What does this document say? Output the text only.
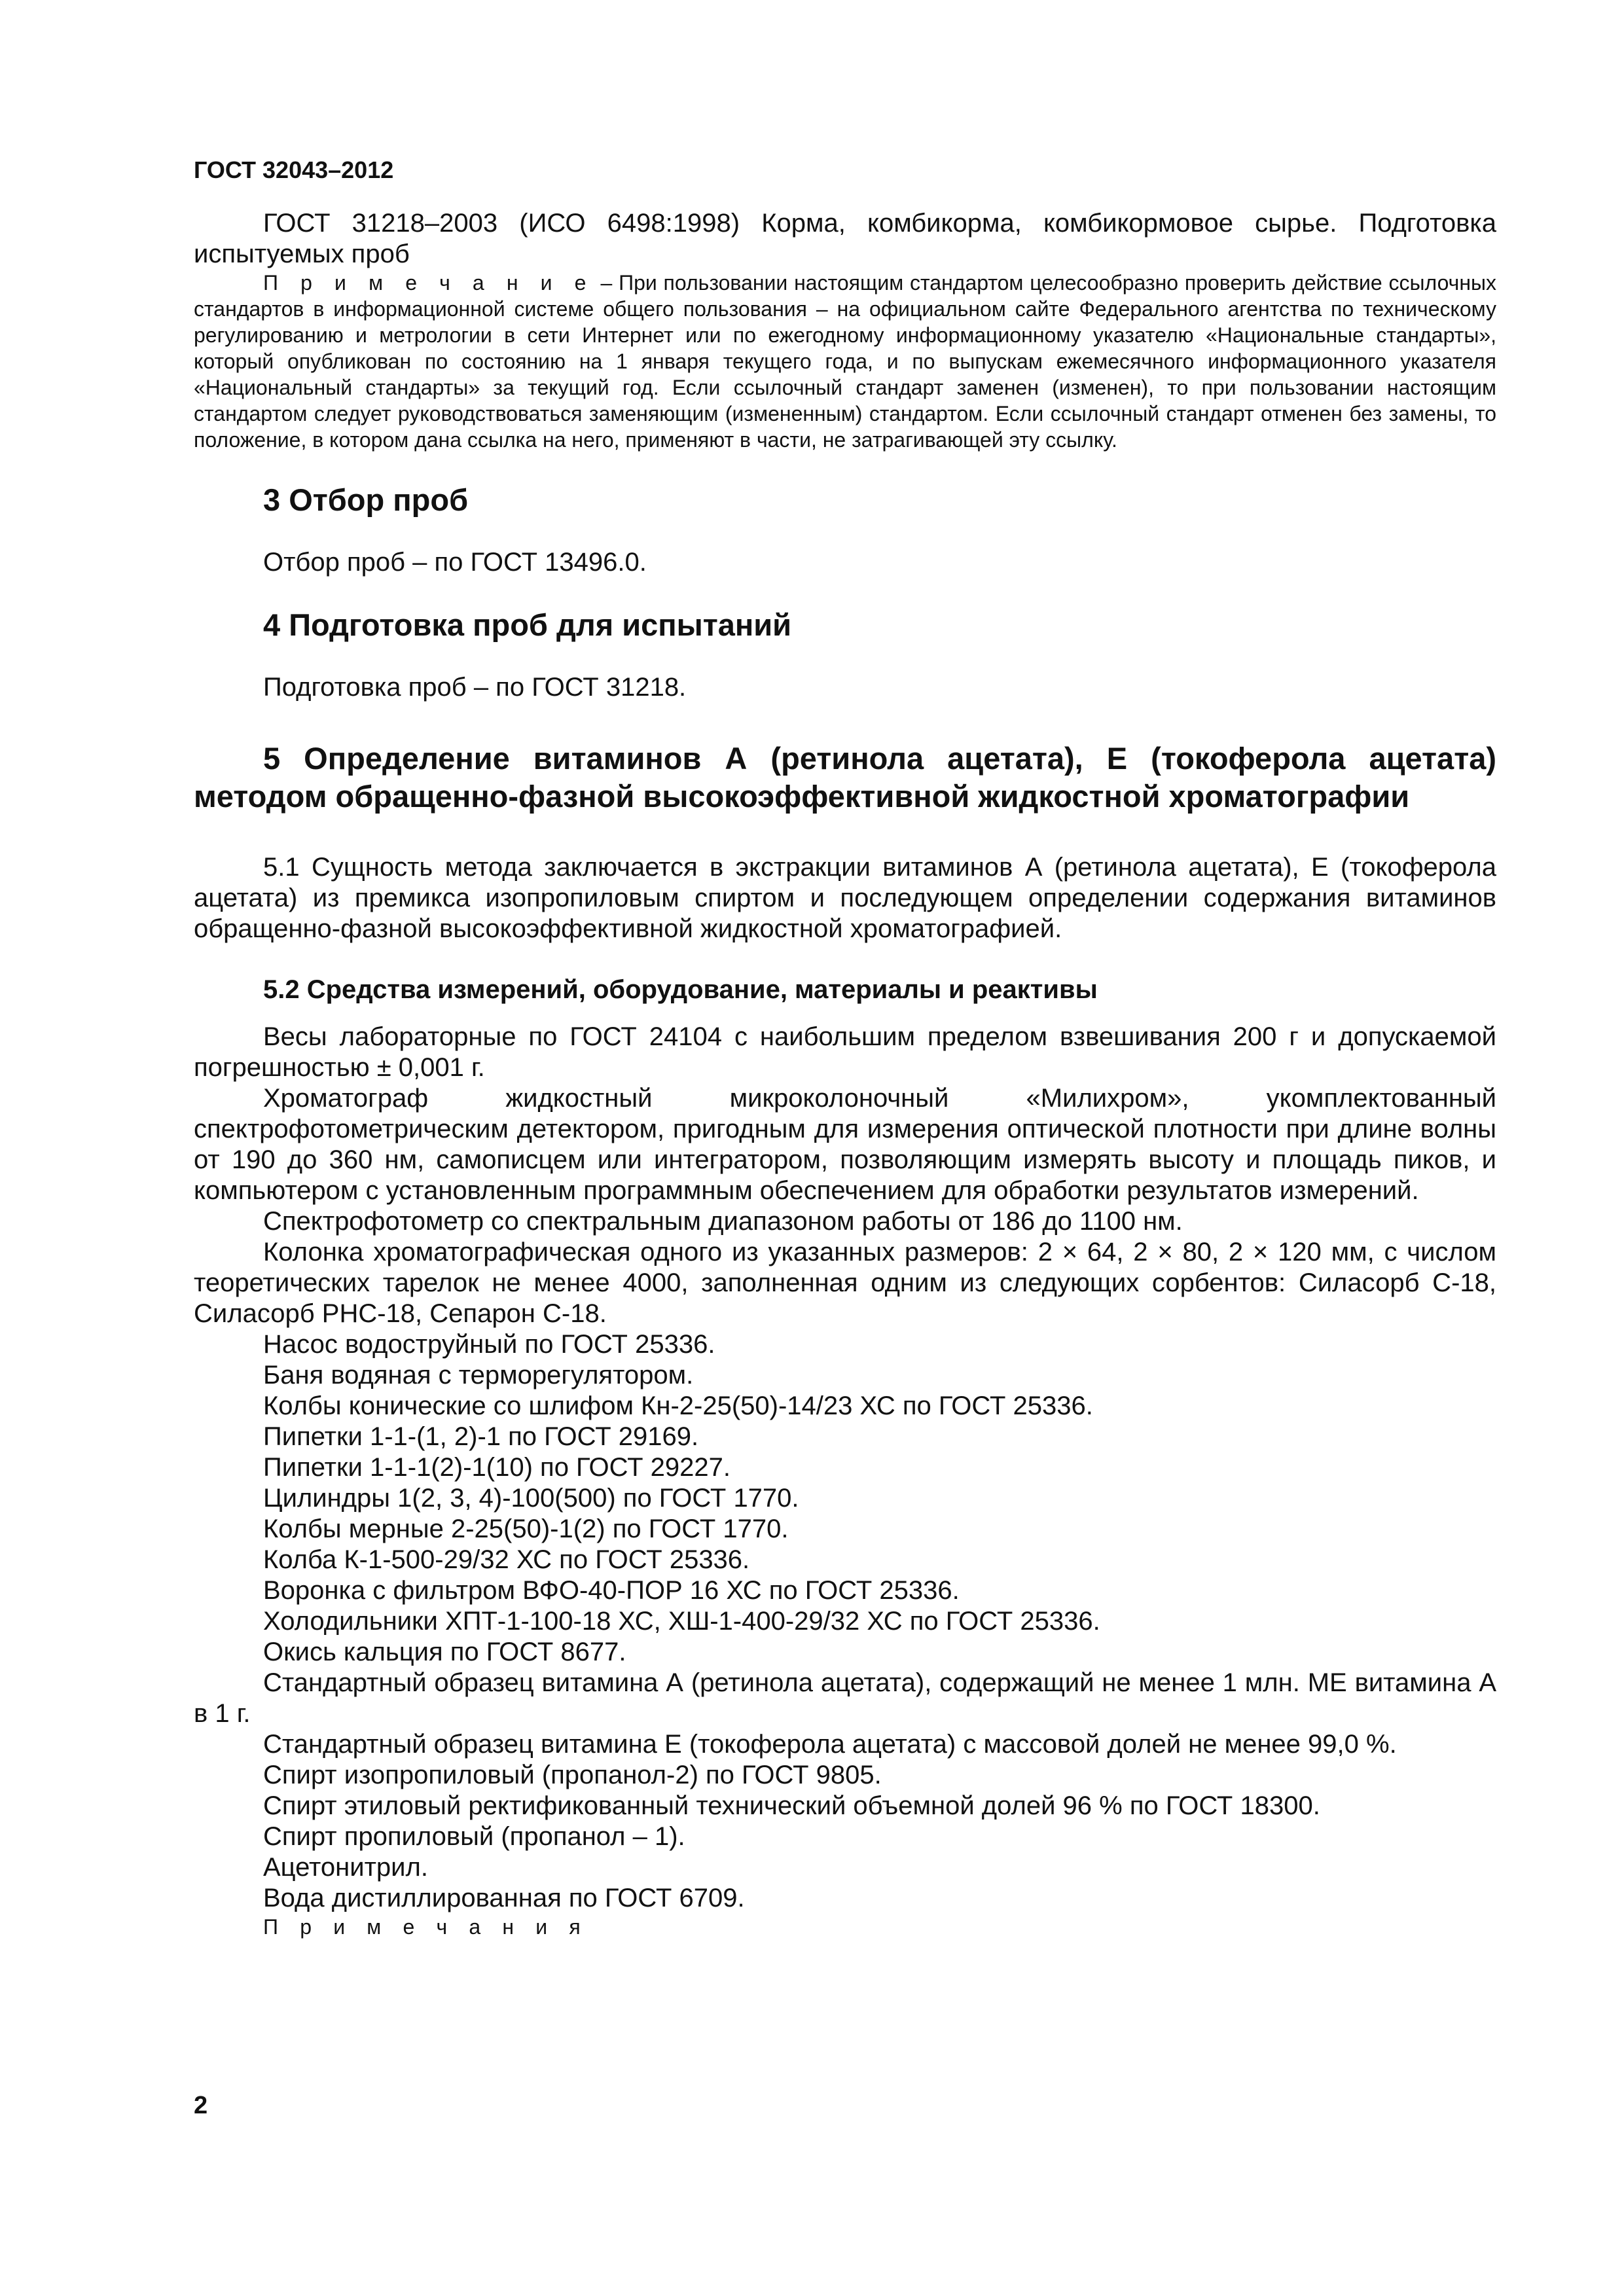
ГОСТ 32043–2012

ГОСТ 31218–2003 (ИСО 6498:1998) Корма, комбикорма, комбикормовое сырье. Подготовка испытуемых проб

П р и м е ч а н и е – При пользовании настоящим стандартом целесообразно проверить действие ссылочных стандартов в информационной системе общего пользования – на официальном сайте Федерального агентства по техническому регулированию и метрологии в сети Интернет или по ежегодному информационному указателю «Национальные стандарты», который опубликован по состоянию на 1 января текущего года, и по выпускам ежемесячного информационного указателя «Национальный стандарты» за текущий год. Если ссылочный стандарт заменен (изменен), то при пользовании настоящим стандартом следует руководствоваться заменяющим (измененным) стандартом. Если ссылочный стандарт отменен без замены, то положение, в котором дана ссылка на него, применяют в части, не затрагивающей эту ссылку.

3 Отбор проб

Отбор проб – по ГОСТ 13496.0.

4 Подготовка проб для испытаний

Подготовка проб – по ГОСТ 31218.

5 Определение витаминов А (ретинола ацетата), Е (токоферола ацетата) методом обращенно-фазной высокоэффективной жидкостной хроматографии

5.1 Сущность метода заключается в экстракции витаминов А (ретинола ацетата), Е (токоферола ацетата) из премикса изопропиловым спиртом и последующем определении содержания витаминов обращенно-фазной высокоэффективной жидкостной хроматографией.

5.2 Средства измерений, оборудование, материалы и реактивы

Весы лабораторные по ГОСТ 24104 с наибольшим пределом взвешивания 200 г и допускаемой погрешностью ± 0,001 г.

Хроматограф жидкостный микроколоночный «Милихром», укомплектованный спектрофотометрическим детектором, пригодным для измерения оптической плотности при длине волны от 190 до 360 нм, самописцем или интегратором, позволяющим измерять высоту и площадь пиков, и компьютером с установленным программным обеспечением для обработки результатов измерений.

Спектрофотометр со спектральным диапазоном работы от 186 до 1100 нм.

Колонка хроматографическая одного из указанных размеров: 2 × 64, 2 × 80, 2 × 120 мм, с числом теоретических тарелок не менее 4000, заполненная одним из следующих сорбентов: Силасорб С-18, Силасорб РНС-18, Сепарон С-18.

Насос водоструйный по ГОСТ 25336.

Баня водяная с терморегулятором.

Колбы конические со шлифом Кн-2-25(50)-14/23 ХС по ГОСТ 25336.

Пипетки 1-1-(1, 2)-1 по ГОСТ 29169.

Пипетки 1-1-1(2)-1(10) по ГОСТ 29227.

Цилиндры 1(2, 3, 4)-100(500) по ГОСТ 1770.

Колбы мерные 2-25(50)-1(2) по ГОСТ 1770.

Колба К-1-500-29/32 ХС по ГОСТ 25336.

Воронка с фильтром ВФО-40-ПОР 16 ХС по ГОСТ 25336.

Холодильники ХПТ-1-100-18 ХС, ХШ-1-400-29/32 ХС по ГОСТ 25336.

Окись кальция по ГОСТ 8677.

Стандартный образец витамина А (ретинола ацетата), содержащий не менее 1 млн. МЕ витамина А в 1 г.

Стандартный образец витамина Е (токоферола ацетата) с массовой долей не менее 99,0 %.

Спирт изопропиловый (пропанол-2) по ГОСТ 9805.

Спирт этиловый ректификованный технический объемной долей 96 % по ГОСТ 18300.

Спирт пропиловый (пропанол – 1).

Ацетонитрил.

Вода дистиллированная по ГОСТ 6709.

П р и м е ч а н и я

2
